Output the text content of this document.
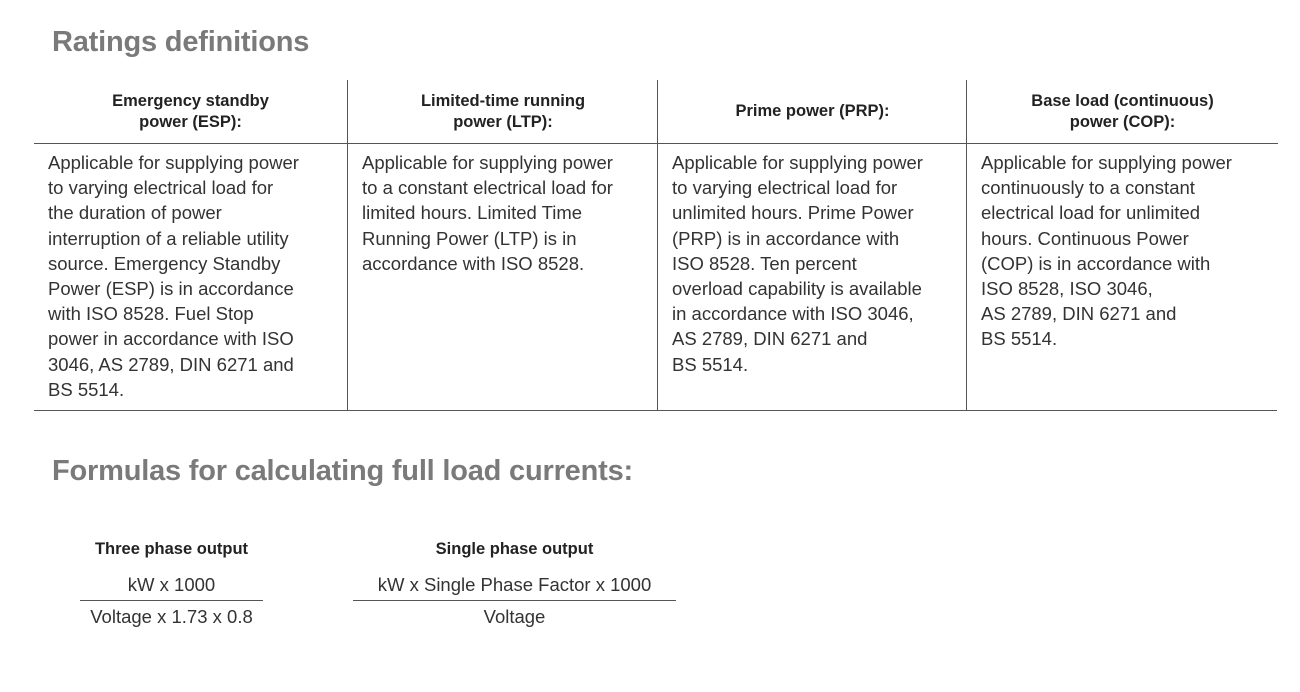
Ratings definitions
Emergency standby
power (ESP):
Applicable for supplying power
to varying electrical load for
the duration of power
interruption of a reliable utility
source. Emergency Standby
Power (ESP) is in accordance
with ISO 8528. Fuel Stop
power in accordance with ISO
3046, AS 2789, DIN 6271 and
BS 5514.
Limited-time running
power (LTP):
Applicable for supplying power
to a constant electrical load for
limited hours. Limited Time
Running Power (LTP) is in
accordance with ISO 8528.
Prime power (PRP):
Applicable for supplying power
to varying electrical load for
unlimited hours. Prime Power
(PRP) is in accordance with
ISO 8528. Ten percent
overload capability is available
in accordance with ISO 3046,
AS 2789, DIN 6271 and
BS 5514.
Base load (continuous)
power (COP):
Applicable for supplying power
continuously to a constant
electrical load for unlimited
hours. Continuous Power
(COP) is in accordance with
ISO 8528, ISO 3046,
AS 2789, DIN 6271 and
BS 5514.
Formulas for calculating full load currents:
Three phase output
kW x 1000
Voltage x 1.73 x 0.8
Single phase output
kW x Single Phase Factor x 1000
Voltage
